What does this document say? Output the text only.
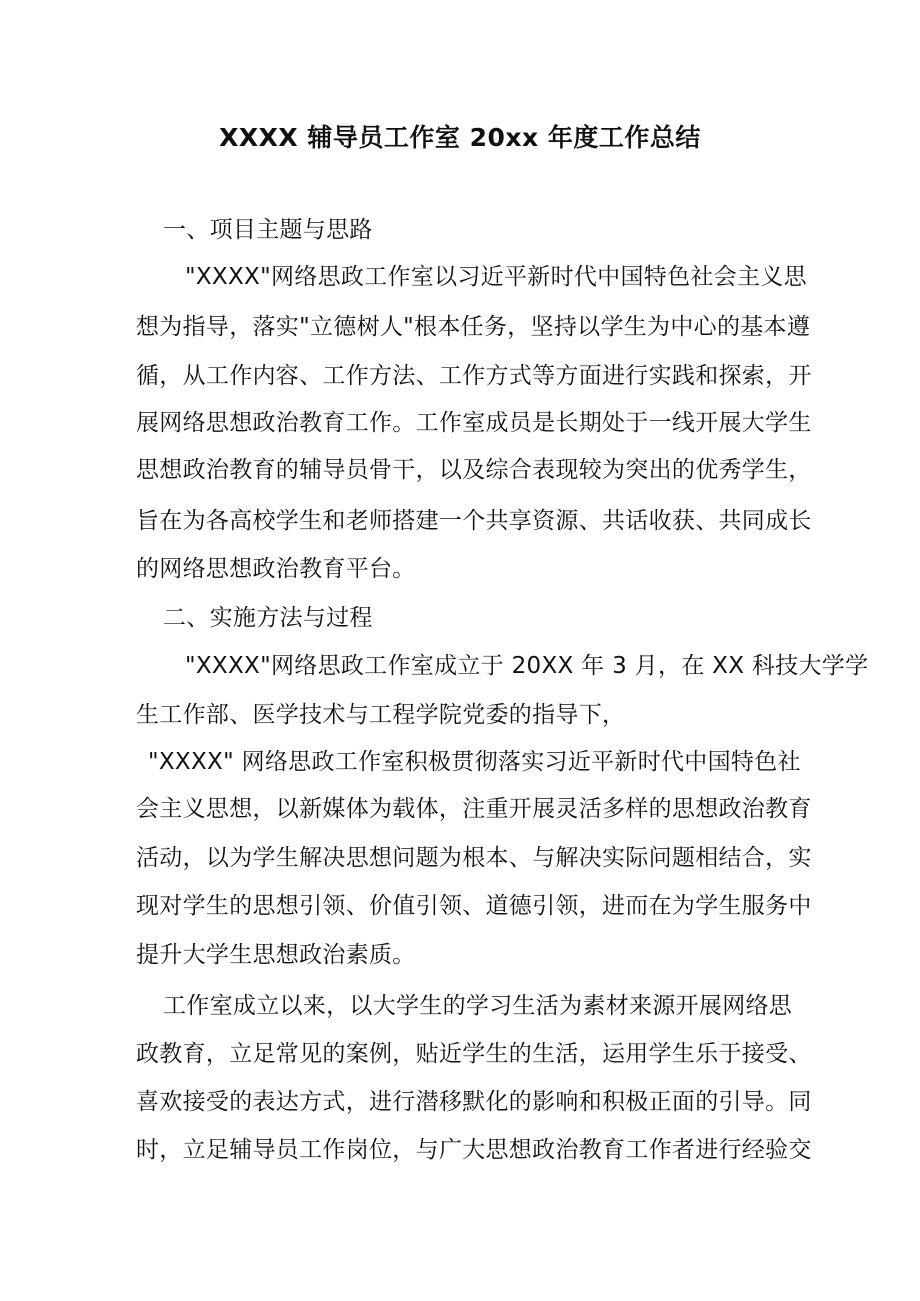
XXXX 辅导员工作室 20xx 年度工作总结
一、项目主题与思路
"XXXX"网络思政工作室以习近平新时代中国特色社会主义思
想为指导，落实"立德树人"根本任务，坚持以学生为中心的基本遵
循，从工作内容、工作方法、工作方式等方面进行实践和探索，开
展网络思想政治教育工作。工作室成员是长期处于一线开展大学生
思想政治教育的辅导员骨干，以及综合表现较为突出的优秀学生，
旨在为各高校学生和老师搭建一个共享资源、共话收获、共同成长
的网络思想政治教育平台。
二、实施方法与过程
"XXXX"网络思政工作室成立于 20XX 年 3 月，在 XX 科技大学学
生工作部、医学技术与工程学院党委的指导下，
"XXXX" 网络思政工作室积极贯彻落实习近平新时代中国特色社
会主义思想，以新媒体为载体，注重开展灵活多样的思想政治教育
活动，以为学生解决思想问题为根本、与解决实际问题相结合，实
现对学生的思想引领、价值引领、道德引领，进而在为学生服务中
提升大学生思想政治素质。
工作室成立以来，以大学生的学习生活为素材来源开展网络思
政教育，立足常见的案例，贴近学生的生活，运用学生乐于接受、
喜欢接受的表达方式，进行潜移默化的影响和积极正面的引导。同
时，立足辅导员工作岗位，与广大思想政治教育工作者进行经验交
